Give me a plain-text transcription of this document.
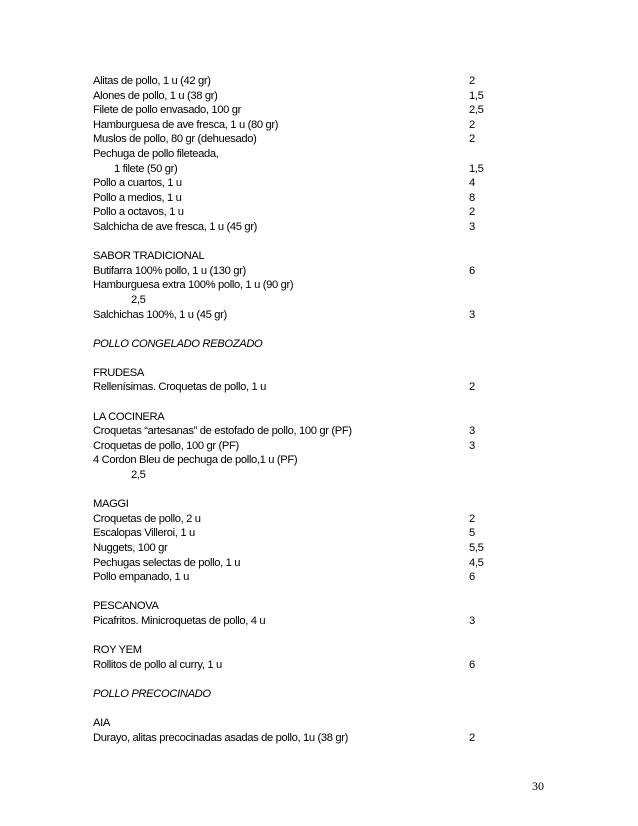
Alitas de pollo, 1 u (42 gr)	2
Alones de pollo, 1 u (38 gr)	1,5
Filete de pollo envasado, 100 gr	2,5
Hamburguesa de ave fresca, 1 u (80 gr)	2
Muslos de pollo, 80 gr (dehuesado)	2
Pechuga de pollo fileteada,
1 filete (50 gr)	1,5
Pollo a cuartos, 1 u	4
Pollo a medios, 1 u	8
Pollo a octavos, 1 u	2
Salchicha de ave fresca, 1 u (45 gr)	3
SABOR TRADICIONAL
Butifarra 100% pollo, 1 u (130 gr)	6
Hamburguesa extra 100% pollo, 1 u (90 gr)
2,5
Salchichas 100%, 1 u (45 gr)	3
POLLO CONGELADO REBOZADO
FRUDESA
Rellenísimas. Croquetas de pollo, 1 u	2
LA COCINERA
Croquetas “artesanas” de estofado de pollo, 100 gr (PF)	3
Croquetas de pollo, 100 gr (PF)	3
4 Cordon Bleu de pechuga de pollo,1 u (PF)
2,5
MAGGI
Croquetas de pollo, 2 u	2
Escalopas Villeroi, 1 u	5
Nuggets, 100 gr	5,5
Pechugas selectas de pollo, 1 u	4,5
Pollo empanado, 1 u	6
PESCANOVA
Picafritos. Minicroquetas de pollo, 4 u	3
ROY YEM
Rollitos de pollo al curry, 1 u	6
POLLO PRECOCINADO
AIA
Durayo, alitas precocinadas asadas de pollo, 1u (38 gr)	2
30
